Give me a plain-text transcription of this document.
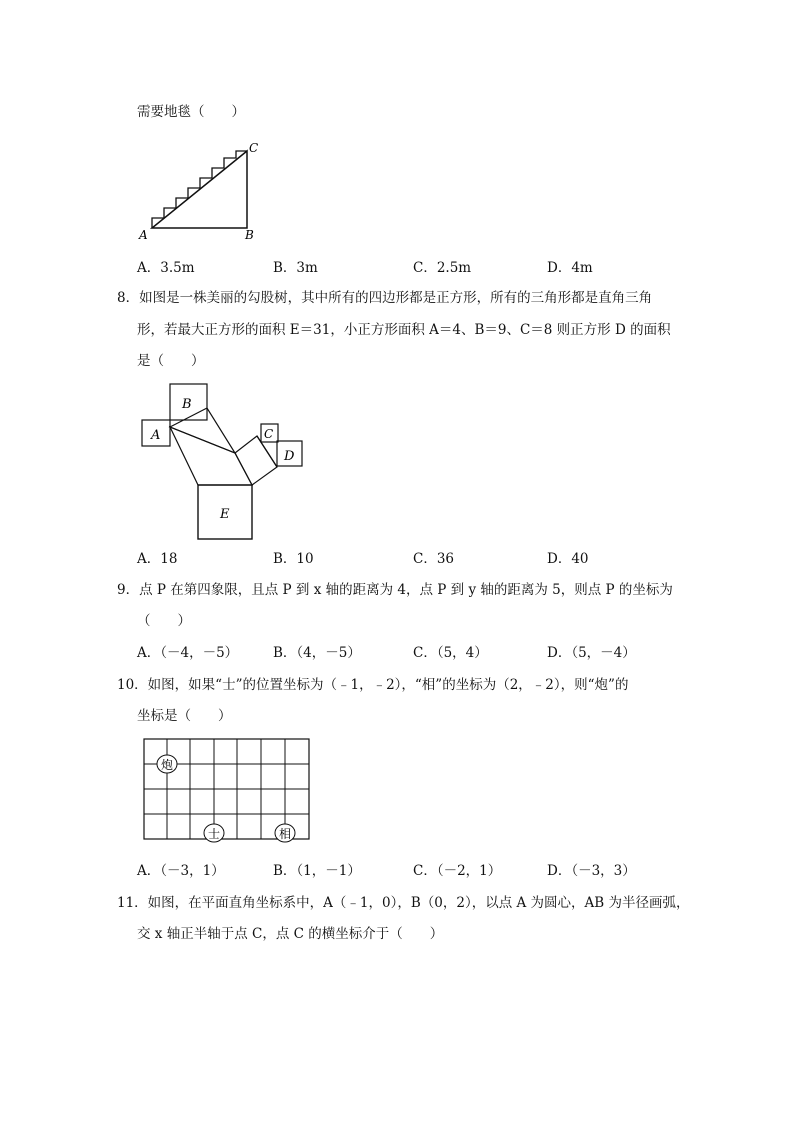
需要地毯（　　）
A	B
C
A．3.5m	B．3m	C．2.5m	D．4m
8．如图是一株美丽的勾股树，其中所有的四边形都是正方形，所有的三角形都是直角三角
形，若最大正方形的面积 E＝31，小正方形面积 A＝4、B＝9、C＝8 则正方形 D 的面积
是（　　）
A
B
C
D
E
A．18	B．10	C．36	D．40
9．点 P 在第四象限，且点 P 到 x 轴的距离为 4，点 P 到 y 轴的距离为 5，则点 P 的坐标为
（　　）
A．（－4，－5）	B．（4，－5）	C．（5，4）	D．（5，－4）
10．如图，如果“士”的位置坐标为（﹣1，﹣2），“相”的坐标为（2，﹣2），则“炮”的
坐标是（　　）
炮
士	相
A．（－3，1）	B．（1，－1）	C．（－2，1）	D．（－3，3）
11．如图，在平面直角坐标系中，A（﹣1，0），B（0，2），以点 A 为圆心，AB 为半径画弧，
交 x 轴正半轴于点 C，点 C 的横坐标介于（　　）
